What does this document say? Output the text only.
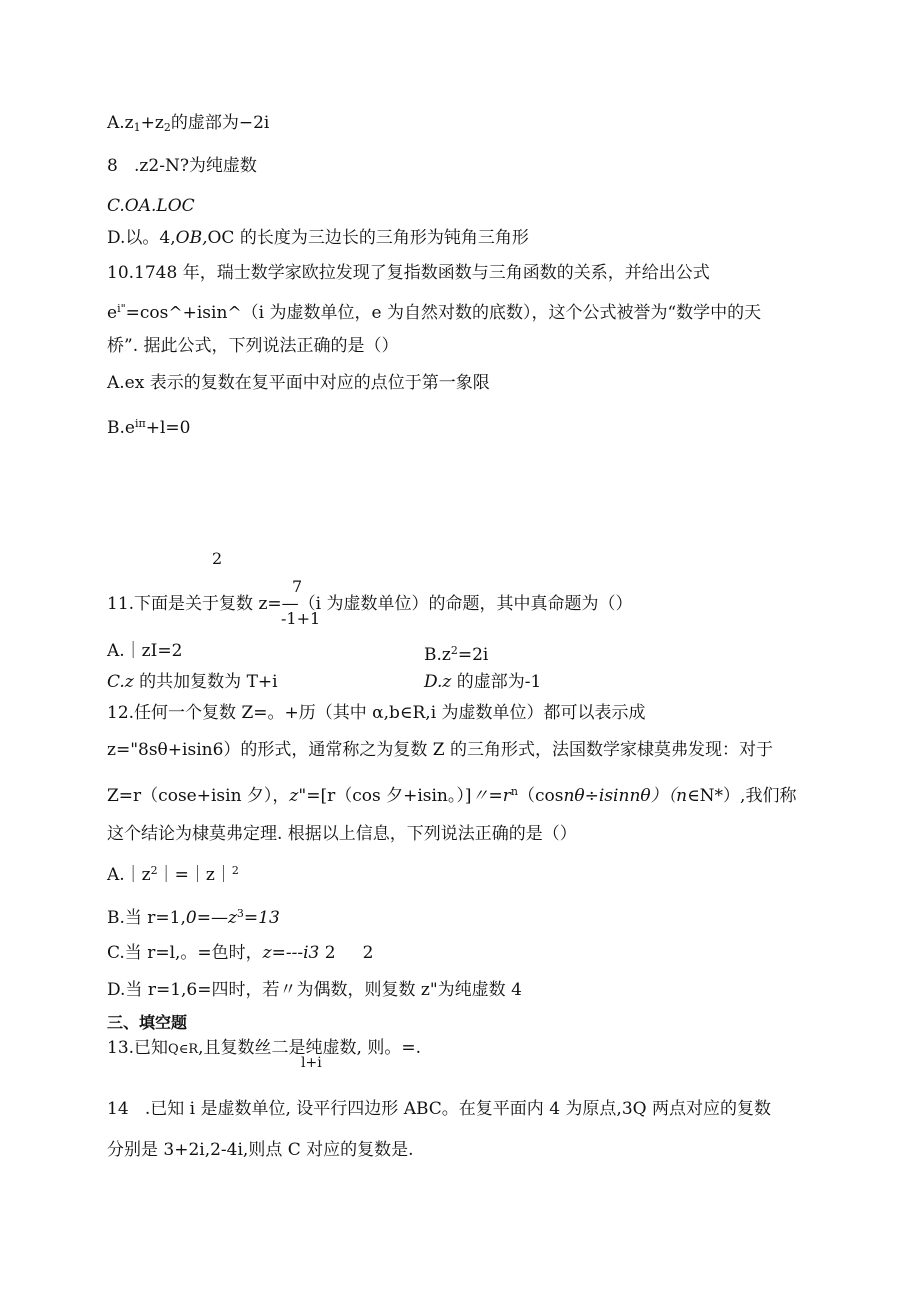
$A.z_1+z_2$的虚部为−2i
8   .z2-N?为纯虚数
C.OA.LOC
D.以。4,OB,OC 的长度为三边长的三角形为钝角三角形
10.1748 年，瑞士数学家欧拉发现了复指数函数与三角函数的关系，并给出公式
$e^{i"}=\cos\^{}+isin\^{}(i$ 为虚数单位，e 为自然对数的底数），这个公式被誉为“数学中的天
桥”. 据此公式，下列说法正确的是（）
A.ex 表示的复数在复平面中对应的点位于第一象限
$B.e^{i\pi}+l=0$
2
7
11.下面是关于复数 z=—（i 为虚数单位）的命题，其中真命题为（）
-1+1
A.｜zI=2	$B.z^2=2i$
C.z 的共加复数为 T+i	D.z 的虚部为-1
12.任何一个复数 Z=。+历（其中 α,b∈R,i 为虚数单位）都可以表示成
z="8sθ+isin6）的形式，通常称之为复数 Z 的三角形式，法国数学家棣莫弗发现：对于
Z=r（cose+isin 夕），z"=[r（cos 夕+isin。）]〃$=r^n(\cos n\theta\div isinn\theta)(n\in N*)$,我们称
这个结论为棣莫弗定理. 根据以上信息，下列说法正确的是（）
$A.|z^2|=|z|^2$
B.当 $r=1,0=—z^3=13$
C.当 r=l,。=色时，z=---i3 2     2
D.当 r=1,6=四时，若〃为偶数，则复数 z"为纯虚数 4
三、填空题
13.已知Q∈R,且复数丝二是纯虚数, 则。=.
l+i
14   .已知 i 是虚数单位, 设平行四边形 ABC。在复平面内 4 为原点,3Q 两点对应的复数
分别是 3+2i,2-4i,则点 C 对应的复数是.
